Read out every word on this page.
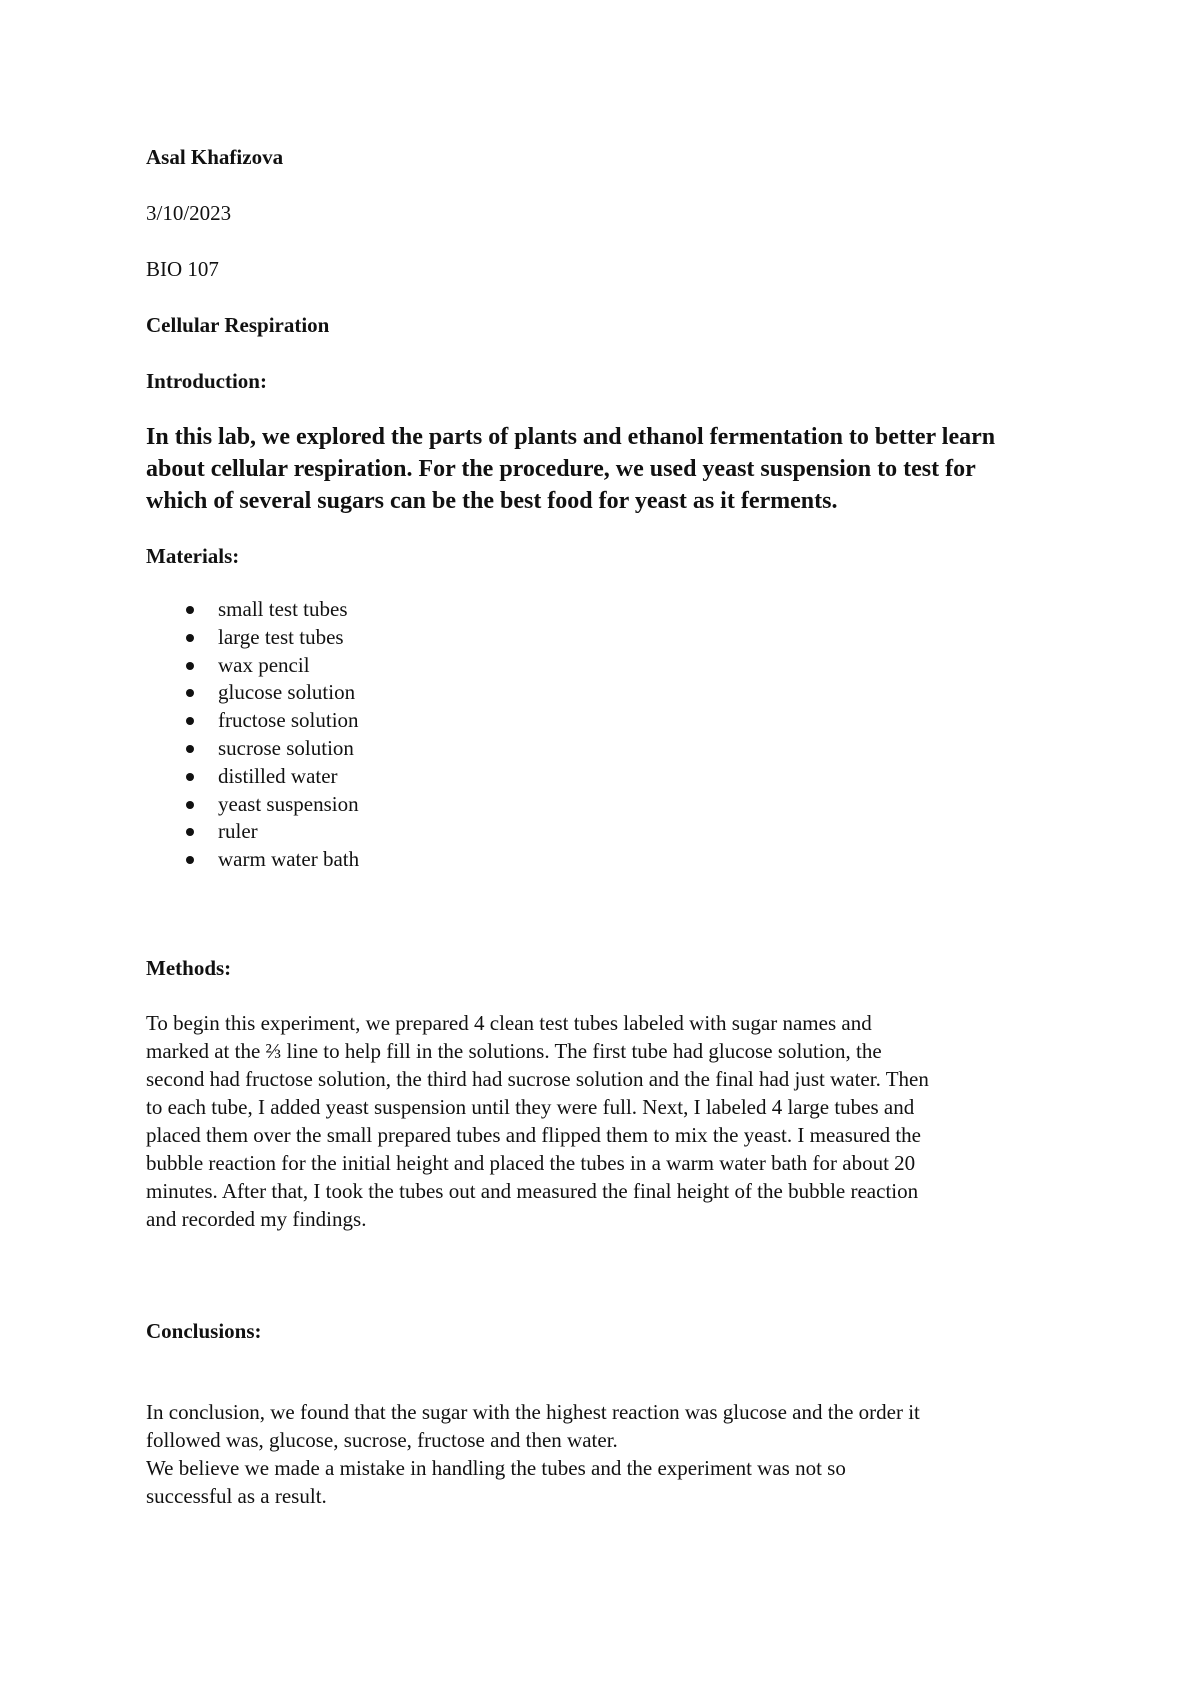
Asal Khafizova

3/10/2023

BIO 107

Cellular Respiration

Introduction:

In this lab, we explored the parts of plants and ethanol fermentation to better learn

about cellular respiration. For the procedure, we used yeast suspension to test for

which of several sugars can be the best food for yeast as it ferments.

Materials:

small test tubes
large test tubes
wax pencil
glucose solution
fructose solution
sucrose solution
distilled water
yeast suspension
ruler
warm water bath

Methods:

To begin this experiment, we prepared 4 clean test tubes labeled with sugar names and

marked at the ⅔ line to help fill in the solutions. The first tube had glucose solution, the

second had fructose solution, the third had sucrose solution and the final had just water. Then

to each tube, I added yeast suspension until they were full. Next, I labeled 4 large tubes and

placed them over the small prepared tubes and flipped them to mix the yeast. I measured the

bubble reaction for the initial height and placed the tubes in a warm water bath for about 20

minutes. After that, I took the tubes out and measured the final height of the bubble reaction

and recorded my findings.

Conclusions:

In conclusion, we found that the sugar with the highest reaction was glucose and the order it

followed was, glucose, sucrose, fructose and then water.

We believe we made a mistake in handling the tubes and the experiment was not so

successful as a result.
